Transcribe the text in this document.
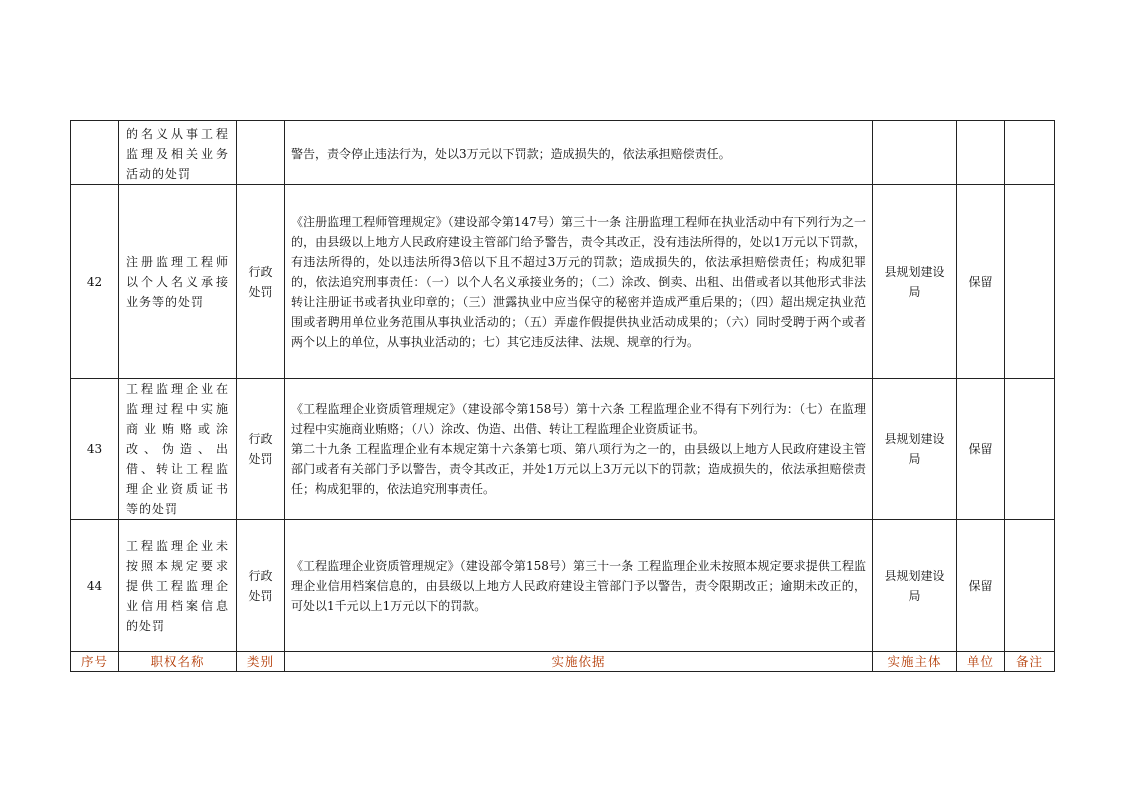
	的名义从事工程监理及相关业务活动的处罚		警告，责令停止违法行为，处以3万元以下罚款；造成损失的，依法承担赔偿责任。			

42	注册监理工程师以个人名义承接业务等的处罚	行政处罚	《注册监理工程师管理规定》（建设部令第147号）第三十一条 注册监理工程师在执业活动中有下列行为之一的，由县级以上地方人民政府建设主管部门给予警告，责令其改正，没有违法所得的，处以1万元以下罚款，有违法所得的，处以违法所得3倍以下且不超过3万元的罚款；造成损失的，依法承担赔偿责任；构成犯罪的，依法追究刑事责任：（一）以个人名义承接业务的；（二）涂改、倒卖、出租、出借或者以其他形式非法转让注册证书或者执业印章的；（三）泄露执业中应当保守的秘密并造成严重后果的；（四）超出规定执业范围或者聘用单位业务范围从事执业活动的；（五）弄虚作假提供执业活动成果的；（六）同时受聘于两个或者两个以上的单位，从事执业活动的；七）其它违反法律、法规、规章的行为。	县规划建设局	保留	
43	工程监理企业在监理过程中实施商业贿赂或涂改、伪造、出借、转让工程监理企业资质证书等的处罚	行政处罚	《工程监理企业资质管理规定》（建设部令第158号）第十六条 工程监理企业不得有下列行为：（七）在监理过程中实施商业贿赂；（八）涂改、伪造、出借、转让工程监理企业资质证书。

第二十九条 工程监理企业有本规定第十六条第七项、第八项行为之一的，由县级以上地方人民政府建设主管部门或者有关部门予以警告，责令其改正，并处1万元以上3万元以下的罚款；造成损失的，依法承担赔偿责任；构成犯罪的，依法追究刑事责任。	县规划建设局	保留	
44	工程监理企业未按照本规定要求提供工程监理企业信用档案信息的处罚	行政处罚	《工程监理企业资质管理规定》（建设部令第158号）第三十一条 工程监理企业未按照本规定要求提供工程监理企业信用档案信息的，由县级以上地方人民政府建设主管部门予以警告，责令限期改正；逾期未改正的，可处以1千元以上1万元以下的罚款。	县规划建设局	保留	
序号	职权名称	类别	实施依据	实施主体	单位	备注
